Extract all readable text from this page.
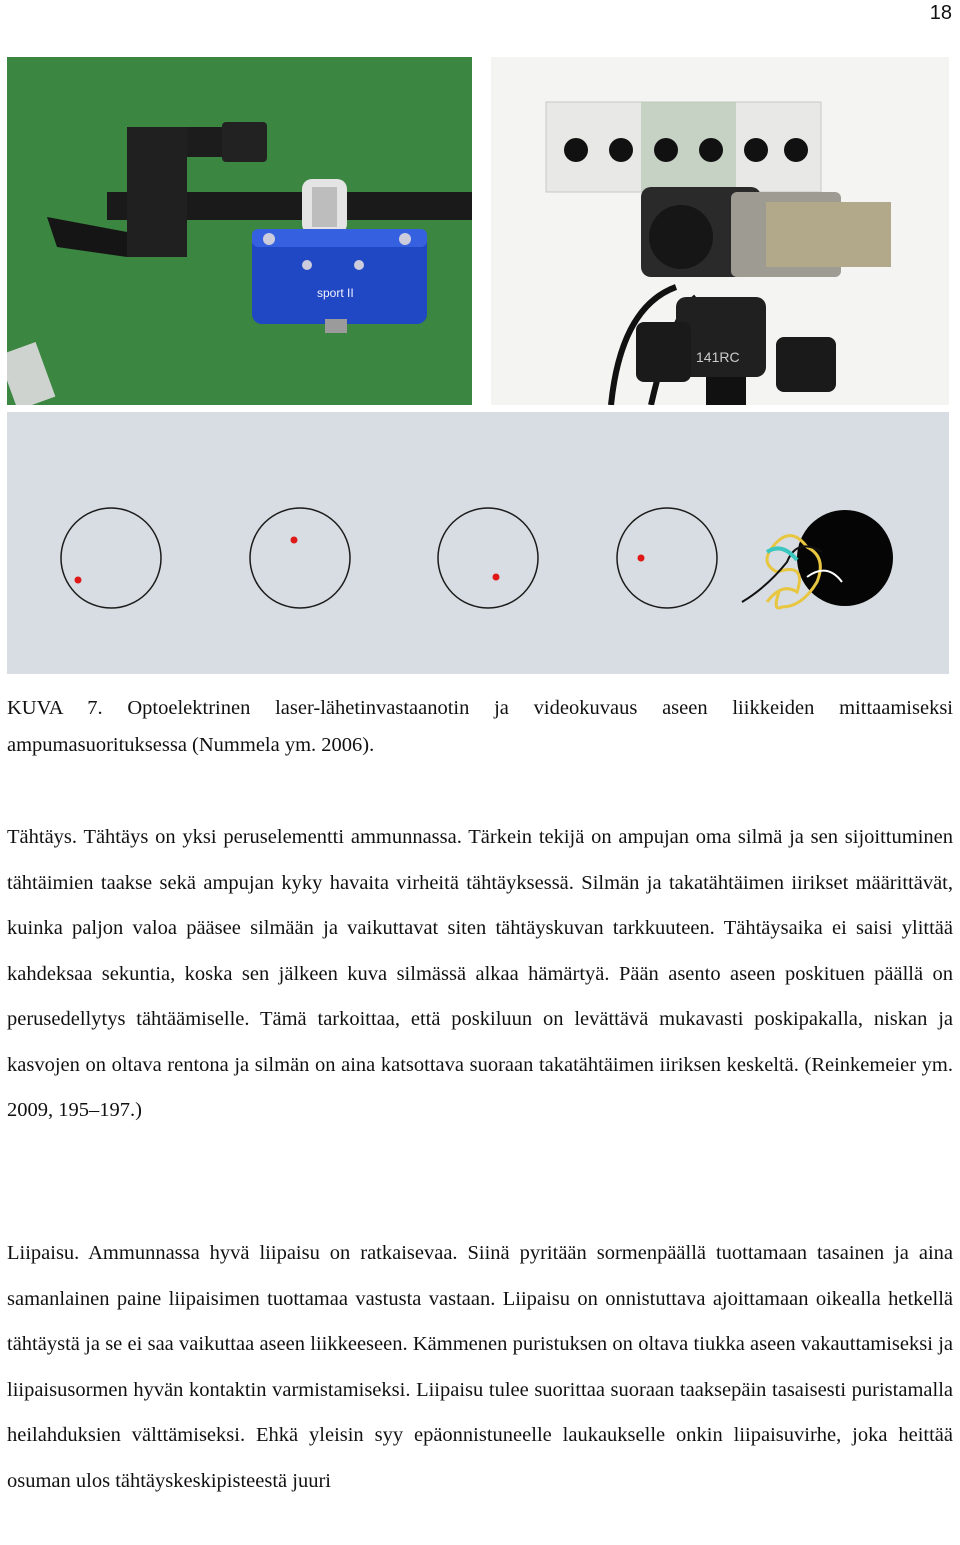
18
sport II
141RC
KUVA 7. Optoelektrinen laser-lähetinvastaanotin ja videokuvaus aseen liikkeiden mittaamiseksi ampumasuorituksessa (Nummela ym. 2006).

Tähtäys. Tähtäys on yksi peruselementti ammunnassa. Tärkein tekijä on ampujan oma silmä ja sen sijoittuminen tähtäimien taakse sekä ampujan kyky havaita virheitä tähtäyksessä. Silmän ja takatähtäimen iirikset määrittävät, kuinka paljon valoa pääsee silmään ja vaikuttavat siten tähtäyskuvan tarkkuuteen. Tähtäysaika ei saisi ylittää kahdeksaa sekuntia, koska sen jälkeen kuva silmässä alkaa hämärtyä. Pään asento aseen poskituen päällä on perusedellytys tähtäämiselle. Tämä tarkoittaa, että poskiluun on levättävä mukavasti poskipakalla, niskan ja kasvojen on oltava rentona ja silmän on aina katsottava suoraan takatähtäimen iiriksen keskeltä. (Reinkemeier ym. 2009, 195–197.)

Liipaisu. Ammunnassa hyvä liipaisu on ratkaisevaa. Siinä pyritään sormenpäällä tuottamaan tasainen ja aina samanlainen paine liipaisimen tuottamaa vastusta vastaan. Liipaisu on onnistuttava ajoittamaan oikealla hetkellä tähtäystä ja se ei saa vaikuttaa aseen liikkeeseen. Kämmenen puristuksen on oltava tiukka aseen vakauttamiseksi ja liipaisusormen hyvän kontaktin varmistamiseksi. Liipaisu tulee suorittaa suoraan taaksepäin tasaisesti puristamalla heilahduksien välttämiseksi. Ehkä yleisin syy epäonnistuneelle laukaukselle onkin liipaisuvirhe, joka heittää osuman ulos tähtäyskeskipisteestä juuri
